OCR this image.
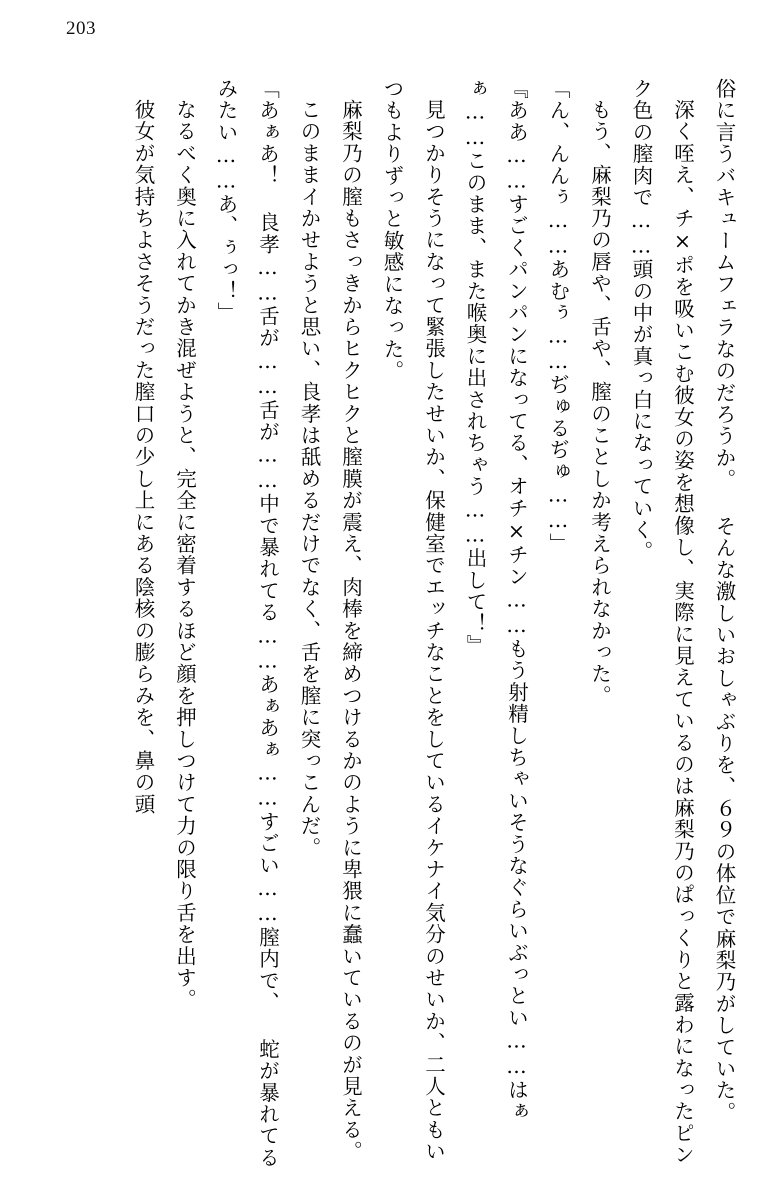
203

俗に言うバキュームフェラなのだろうか。 そんな激しいおしゃぶりを、６９の体位で麻梨乃がしていた。

深く咥え、チ×ポを吸いこむ彼女の姿を想像し、実際に見えているのは麻梨乃のぱっくりと露わになったピンク色の膣肉で……頭の中が真っ白になっていく。

もう、麻梨乃の唇や、舌や、膣のことしか考えられなかった。

「ん、んんぅ……あむぅ……ぢゅるぢゅ……」

『ああ……すごくパンパンになってる、オチ×チン……もう射精しちゃいそうなぐらいぶっとい……はぁぁ……このまま、また喉奥に出されちゃう……出して！』

見つかりそうになって緊張したせいか、保健室でエッチなことをしているイケナイ気分のせいか、二人ともいつもよりずっと敏感になった。

麻梨乃の膣もさっきからヒクヒクと膣膜が震え、肉棒を締めつけるかのように卑猥に蠢いているのが見える。

このままイかせようと思い、良孝は舐めるだけでなく、舌を膣に突っこんだ。

「あぁあ！ 良孝……舌が……舌が……中で暴れてる……あぁあぁ……すごい……膣内で、 蛇が暴れてるみたい……あ、ぅっ！」

なるべく奥に入れてかき混ぜようと、完全に密着するほど顔を押しつけて力の限り舌を出す。

彼女が気持ちよさそうだった膣口の少し上にある陰核の膨らみを、鼻の頭
